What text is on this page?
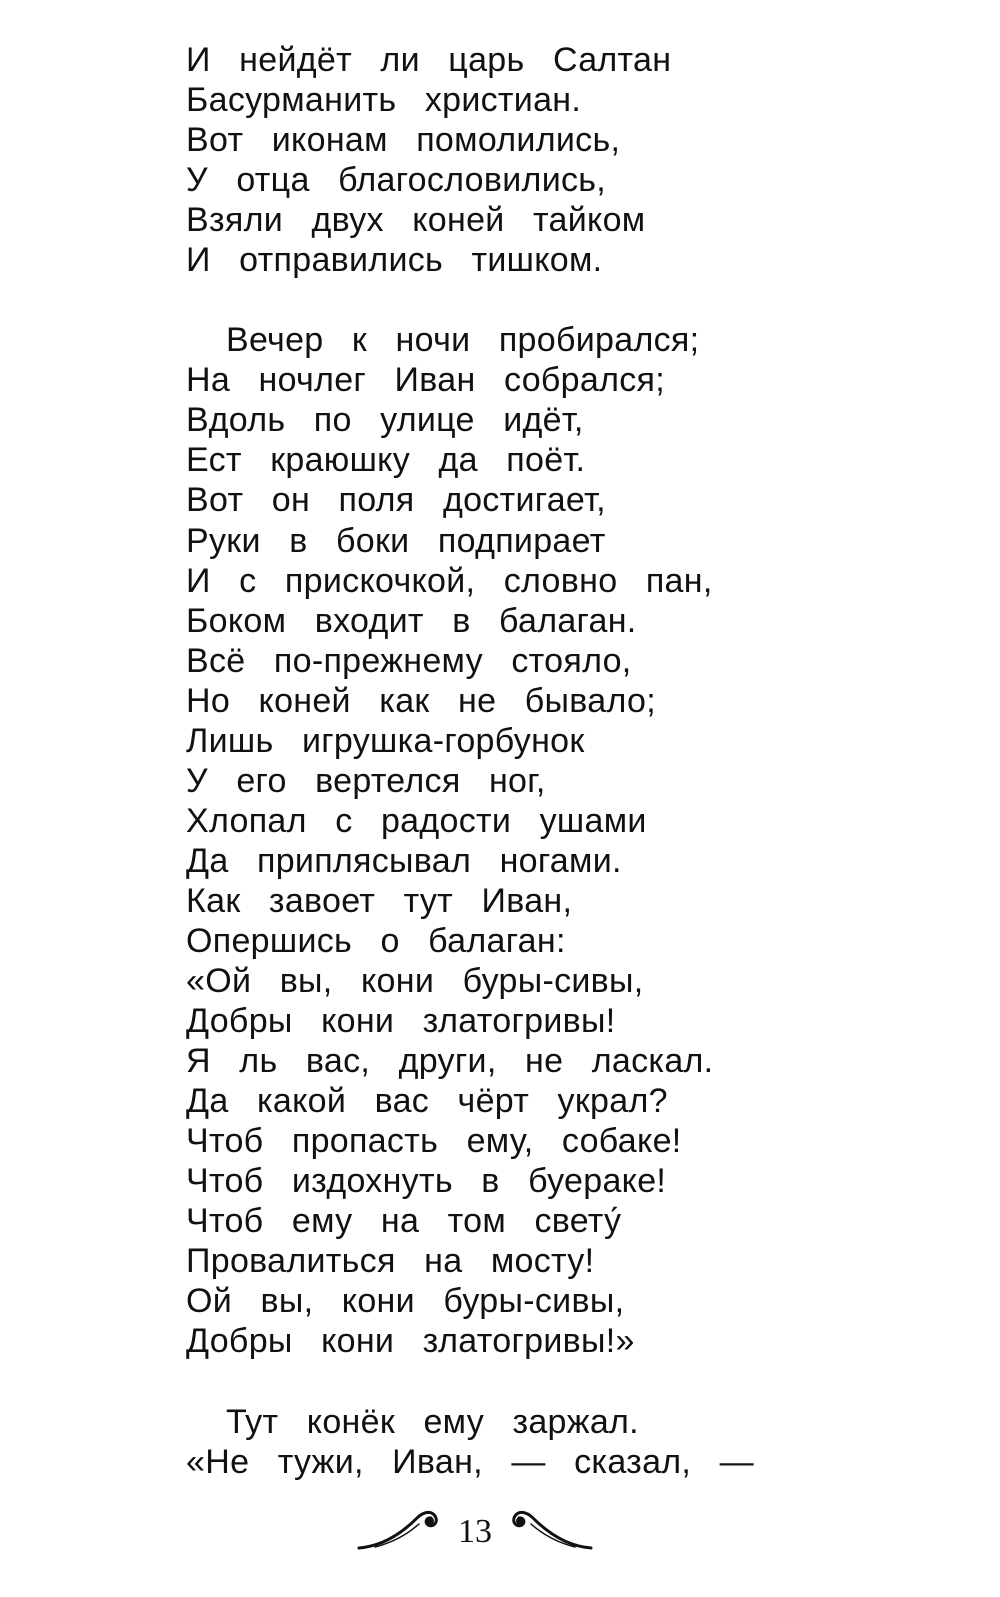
И нейдёт ли царь Салтан
Басурманить христиан.
Вот иконам помолились,
У отца благословились,
Взяли двух коней тайком
И отправились тишком.
Вечер к ночи пробирался;
На ночлег Иван собрался;
Вдоль по улице идёт,
Ест краюшку да поёт.
Вот он поля достигает,
Руки в боки подпирает
И с прискочкой, словно пан,
Боком входит в балаган.
Всё по-прежнему стояло,
Но коней как не бывало;
Лишь игрушка-горбунок
У его вертелся ног,
Хлопал с радости ушами
Да приплясывал ногами.
Как завоет тут Иван,
Опершись о балаган:
«Ой вы, кони буры-сивы,
Добры кони златогривы!
Я ль вас, други, не ласкал.
Да какой вас чёрт украл?
Чтоб пропасть ему, собаке!
Чтоб издохнуть в буераке!
Чтоб ему на том свету́
Провалиться на мосту!
Ой вы, кони буры-сивы,
Добры кони златогривы!»
Тут конёк ему заржал.
«Не тужи, Иван, — сказал, —
13
